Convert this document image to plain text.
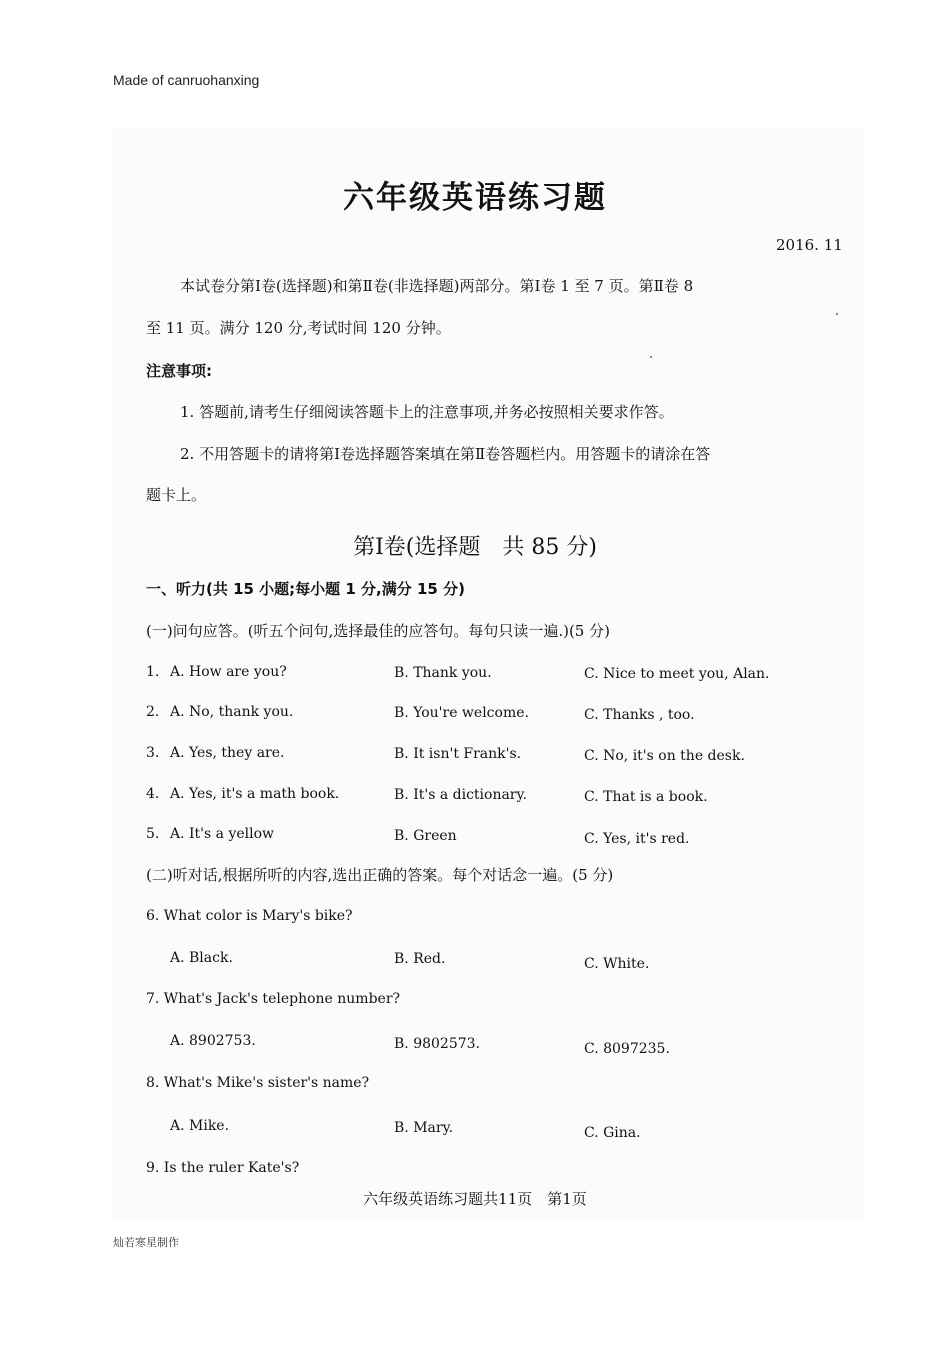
Made of canruohanxing
六年级英语练习题
2016. 11
本试卷分第Ⅰ卷(选择题)和第Ⅱ卷(非选择题)两部分。第Ⅰ卷 1 至 7 页。第Ⅱ卷 8
至 11 页。满分 120 分,考试时间 120 分钟。
注意事项:
1. 答题前,请考生仔细阅读答题卡上的注意事项,并务必按照相关要求作答。
2. 不用答题卡的请将第Ⅰ卷选择题答案填在第Ⅱ卷答题栏内。用答题卡的请涂在答
题卡上。
第Ⅰ卷(选择题　共 85 分)
一、听力(共 15 小题;每小题 1 分,满分 15 分)
(一)问句应答。(听五个问句,选择最佳的应答句。每句只读一遍.)(5 分)
1. A. How are you?	B. Thank you.	C. Nice to meet you, Alan.
2. A. No, thank you.	B. You're welcome.	C. Thanks , too.
3. A. Yes, they are.	B. It isn't Frank's.	C. No, it's on the desk.
4. A. Yes, it's a math book.	B. It's a dictionary.	C. That is a book.
5. A. It's a yellow	B. Green	C. Yes, it's red.
(二)听对话,根据所听的内容,选出正确的答案。每个对话念一遍。(5 分)
6. What color is Mary's bike?
A. Black.	B. Red.	C. White.
7. What's Jack's telephone number?
A. 8902753.	B. 9802573.	C. 8097235.
8. What's Mike's sister's name?
A. Mike.	B. Mary.	C. Gina.
9. Is the ruler Kate's?
六年级英语练习题共11页　第1页
灿若寒星制作
